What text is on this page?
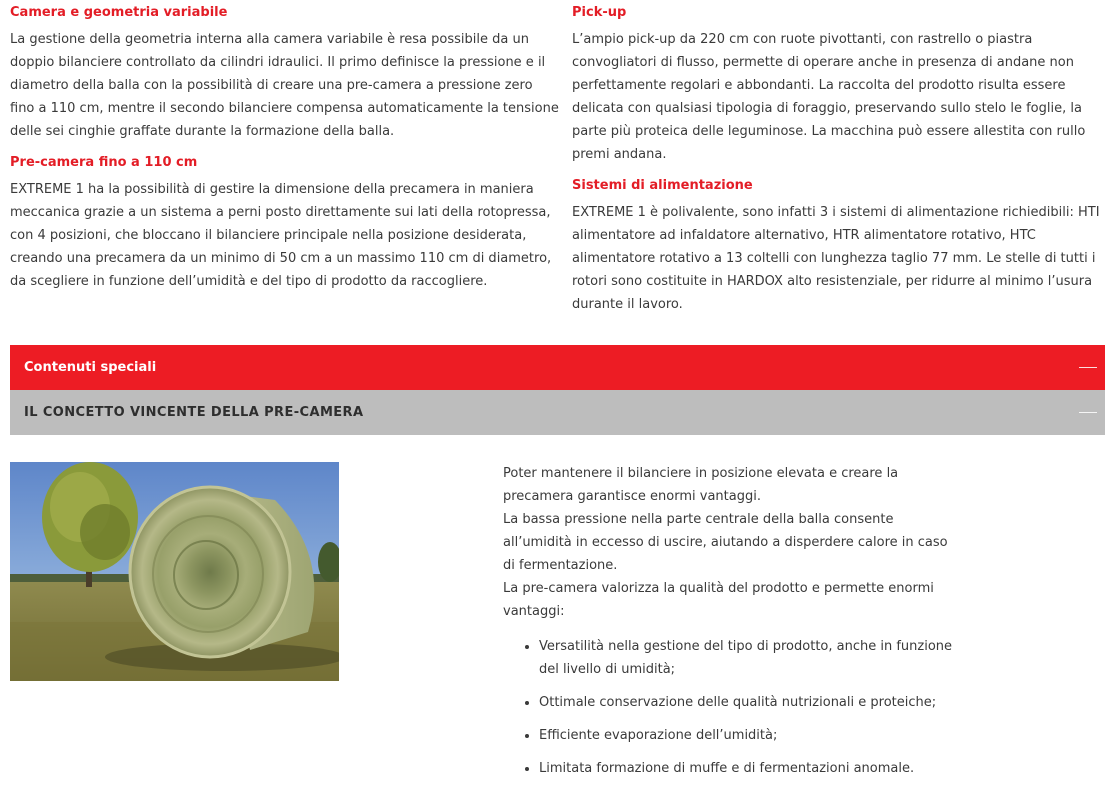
Camera e geometria variabile

La gestione della geometria interna alla camera variabile è resa possibile da un doppio bilanciere controllato da cilindri idraulici. Il primo definisce la pressione e il diametro della balla con la possibilità di creare una pre-camera a pressione zero fino a 110 cm, mentre il secondo bilanciere compensa automaticamente la tensione delle sei cinghie graffate durante la formazione della balla.

Pre-camera fino a 110 cm

EXTREME 1 ha la possibilità di gestire la dimensione della precamera in maniera meccanica grazie a un sistema a perni posto direttamente sui lati della rotopressa, con 4 posizioni, che bloccano il bilanciere principale nella posizione desiderata, creando una precamera da un minimo di 50 cm a un massimo 110 cm di diametro, da scegliere in funzione dell’umidità e del tipo di prodotto da raccogliere.

Pick-up

L’ampio pick-up da 220 cm con ruote pivottanti, con rastrello o piastra convogliatori di flusso, permette di operare anche in presenza di andane non perfettamente regolari e abbondanti. La raccolta del prodotto risulta essere delicata con qualsiasi tipologia di foraggio, preservando sullo stelo le foglie, la parte più proteica delle leguminose. La macchina può essere allestita con rullo premi andana.

Sistemi di alimentazione

EXTREME 1 è polivalente, sono infatti 3 i sistemi di alimentazione richiedibili: HTI alimentatore ad infaldatore alternativo, HTR alimentatore rotativo, HTC alimentatore rotativo a 13 coltelli con lunghezza taglio 77 mm. Le stelle di tutti i rotori sono costituite in HARDOX alto resistenziale, per ridurre al minimo l’usura durante il lavoro.

Contenuti speciali
IL CONCETTO VINCENTE DELLA PRE-CAMERA

Poter mantenere il bilanciere in posizione elevata e creare la precamera garantisce enormi vantaggi.

La bassa pressione nella parte centrale della balla consente all’umidità in eccesso di uscire, aiutando a disperdere calore in caso di fermentazione.

La pre-camera valorizza la qualità del prodotto e permette enormi vantaggi:

• Versatilità nella gestione del tipo di prodotto, anche in funzione del livello di umidità;
• Ottimale conservazione delle qualità nutrizionali e proteiche;
• Efficiente evaporazione dell’umidità;
• Limitata formazione di muffe e di fermentazioni anomale.
